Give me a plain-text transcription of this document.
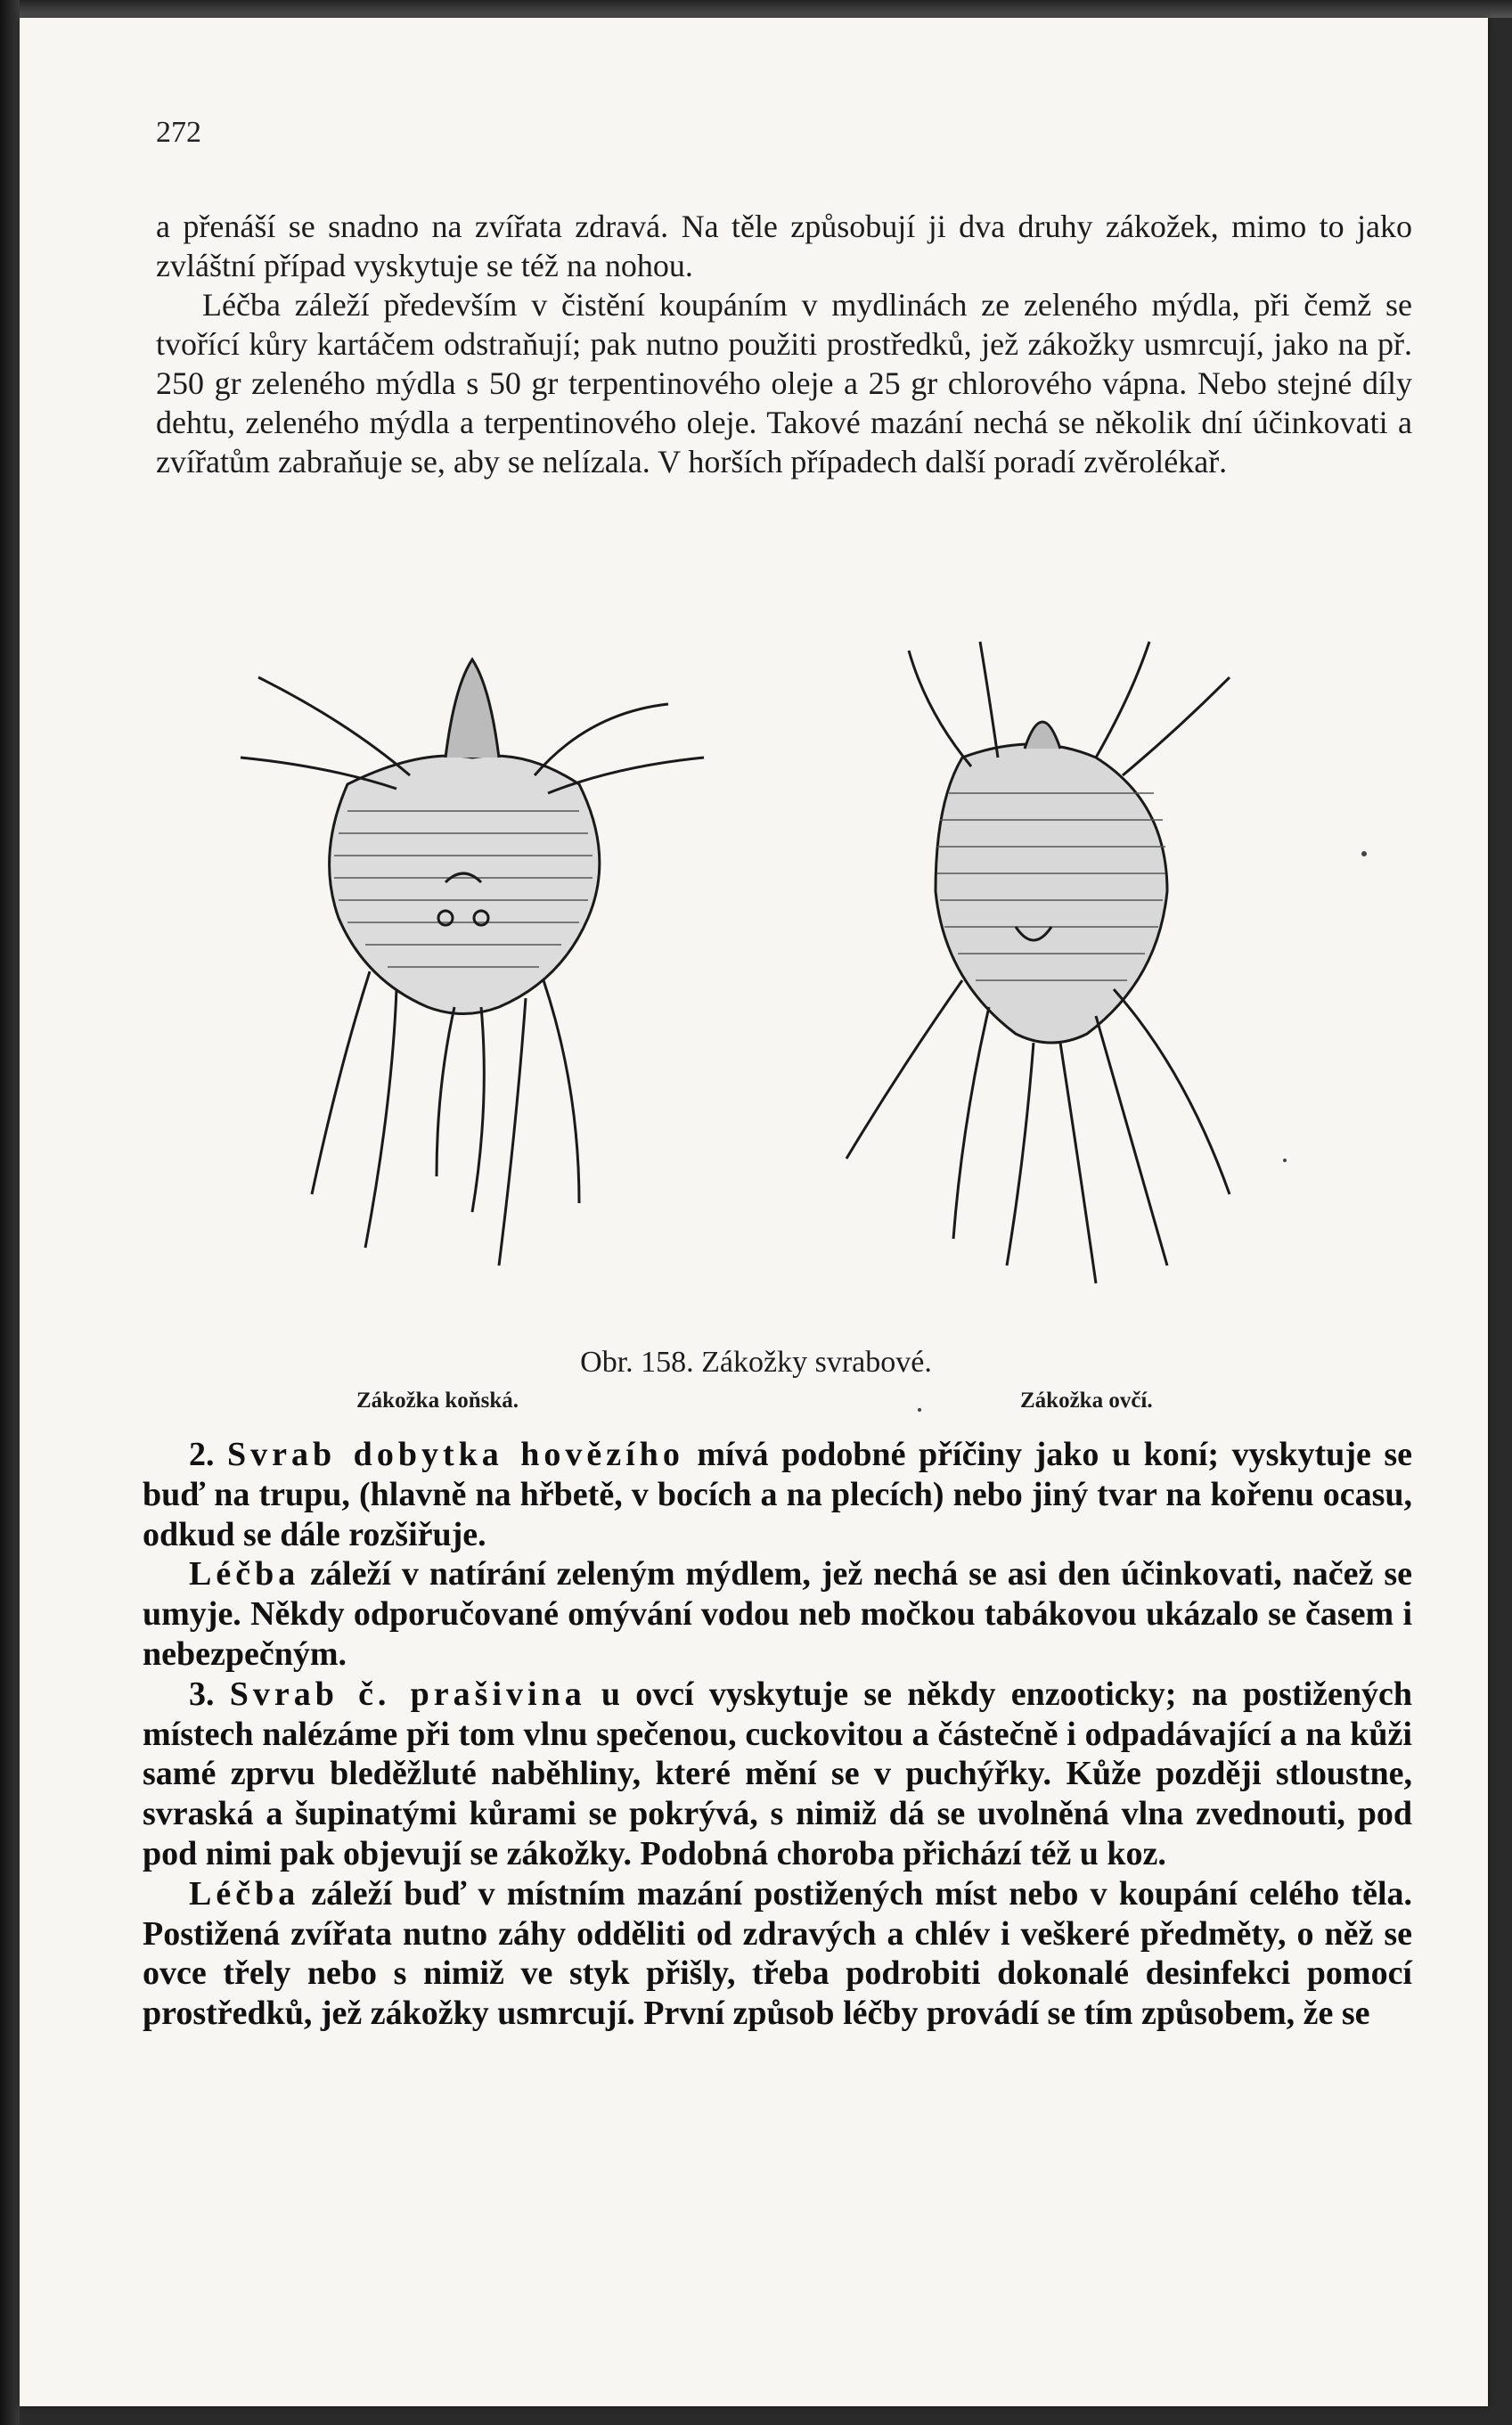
272

a přenáší se snadno na zvířata zdravá. Na těle způsobují ji dva druhy zákožek, mimo to jako zvláštní případ vyskytuje se též na nohou.

Léčba záleží především v čistění koupáním v mydlinách ze zeleného mýdla, při čemž se tvořící kůry kartáčem odstraňují; pak nutno použiti prostředků, jež zákožky usmrcují, jako na př. 250 gr zeleného mýdla s 50 gr terpentinového oleje a 25 gr chlorového vápna. Nebo stejné díly dehtu, zeleného mýdla a terpentinového oleje. Takové mazání nechá se několik dní účinkovati a zvířatům zabraňuje se, aby se nelízala. V horších případech další poradí zvěrolékař.

Obr. 158. Zákožky svrabové.
Zákožka koňská.	Zákožka ovčí.

2. Svrab dobytka hovězího mívá podobné příčiny jako u koní; vyskytuje se buď na trupu, (hlavně na hřbetě, v bocích a na plecích) nebo jiný tvar na kořenu ocasu, odkud se dále rozšiřuje.

Léčba záleží v natírání zeleným mýdlem, jež nechá se asi den účinkovati, načež se umyje. Někdy odporučované omývání vodou neb močkou tabákovou ukázalo se časem i nebezpečným.

3. Svrab č. prašivina u ovcí vyskytuje se někdy enzooticky; na postižených místech nalézáme při tom vlnu spečenou, cuckovitou a částečně i odpadávající a na kůži samé zprvu bleděžluté naběhliny, které mění se v puchýřky. Kůže později stloustne, svraská a šupinatými kůrami se pokrývá, s nimiž dá se uvolněná vlna zvednouti, pod pod nimi pak objevují se zákožky. Podobná choroba přichází též u koz.

Léčba záleží buď v místním mazání postižených míst nebo v koupání celého těla. Postižená zvířata nutno záhy odděliti od zdravých a chlév i veškeré předměty, o něž se ovce třely nebo s nimiž ve styk přišly, třeba podrobiti dokonalé desinfekci pomocí prostředků, jež zákožky usmrcují. První způsob léčby provádí se tím způsobem, že se
